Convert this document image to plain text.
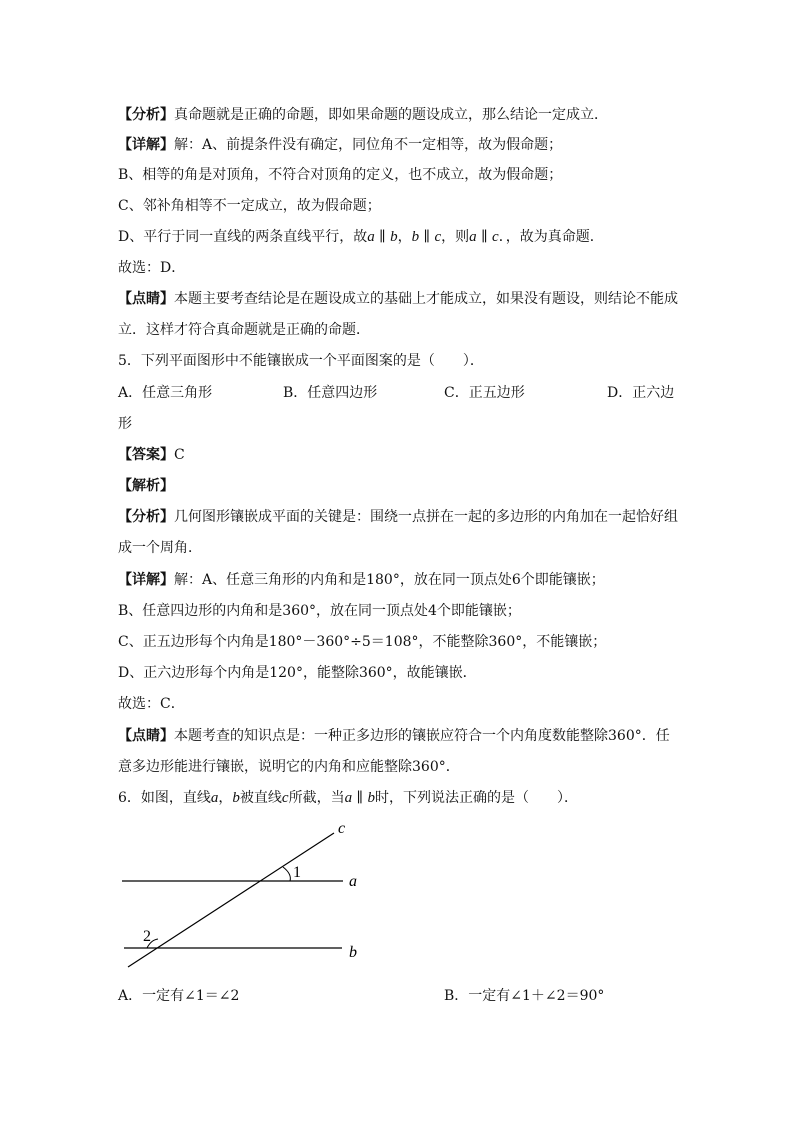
【分析】真命题就是正确的命题，即如果命题的题设成立，那么结论一定成立．
【详解】解：A、前提条件没有确定，同位角不一定相等，故为假命题；
B、相等的角是对顶角，不符合对顶角的定义，也不成立，故为假命题；
C、邻补角相等不一定成立，故为假命题；
D、平行于同一直线的两条直线平行，故a ∥ b，b ∥ c，则a ∥ c．，故为真命题．
故选：D．
【点睛】本题主要考查结论是在题设成立的基础上才能成立，如果没有题设，则结论不能成
立．这样才符合真命题就是正确的命题．
5．下列平面图形中不能镶嵌成一个平面图案的是（　　）．
A．任意三角形	B．任意四边形	C．正五边形	D．正六边
形
【答案】C
【解析】
【分析】几何图形镶嵌成平面的关键是：围绕一点拼在一起的多边形的内角加在一起恰好组
成一个周角．
【详解】解：A、任意三角形的内角和是180°，放在同一顶点处6个即能镶嵌；
B、任意四边形的内角和是360°，放在同一顶点处4个即能镶嵌；
C、正五边形每个内角是180°－360°÷5＝108°，不能整除360°，不能镶嵌；
D、正六边形每个内角是120°，能整除360°，故能镶嵌．
故选：C．
【点睛】本题考查的知识点是：一种正多边形的镶嵌应符合一个内角度数能整除360°．任
意多边形能进行镶嵌，说明它的内角和应能整除360°．
6．如图，直线a，b被直线c所截，当a ∥ b时，下列说法正确的是（　　）．
c
a
b
1
2
A．一定有∠1＝∠2	B．一定有∠1＋∠2＝90°
